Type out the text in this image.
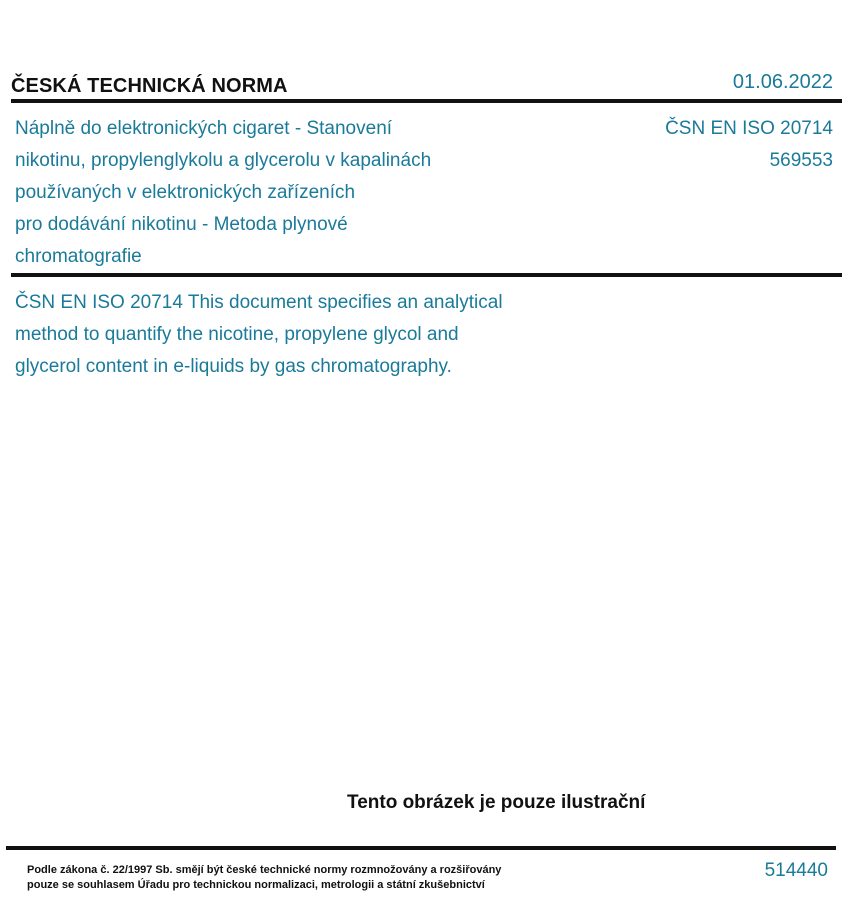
ČESKÁ TECHNICKÁ NORMA	01.06.2022
Náplně do elektronických cigaret - Stanovení
nikotinu, propylenglykolu a glycerolu v kapalinách
používaných v elektronických zařízeních
pro dodávání nikotinu - Metoda plynové
chromatografie
ČSN EN ISO 20714
569553
ČSN EN ISO 20714 This document specifies an analytical
method to quantify the nicotine, propylene glycol and
glycerol content in e-liquids by gas chromatography.
Tento obrázek je pouze ilustrační
Podle zákona č. 22/1997 Sb. smějí být české technické normy rozmnožovány a rozšiřovány
pouze se souhlasem Úřadu pro technickou normalizaci, metrologii a státní zkušebnictví
514440
